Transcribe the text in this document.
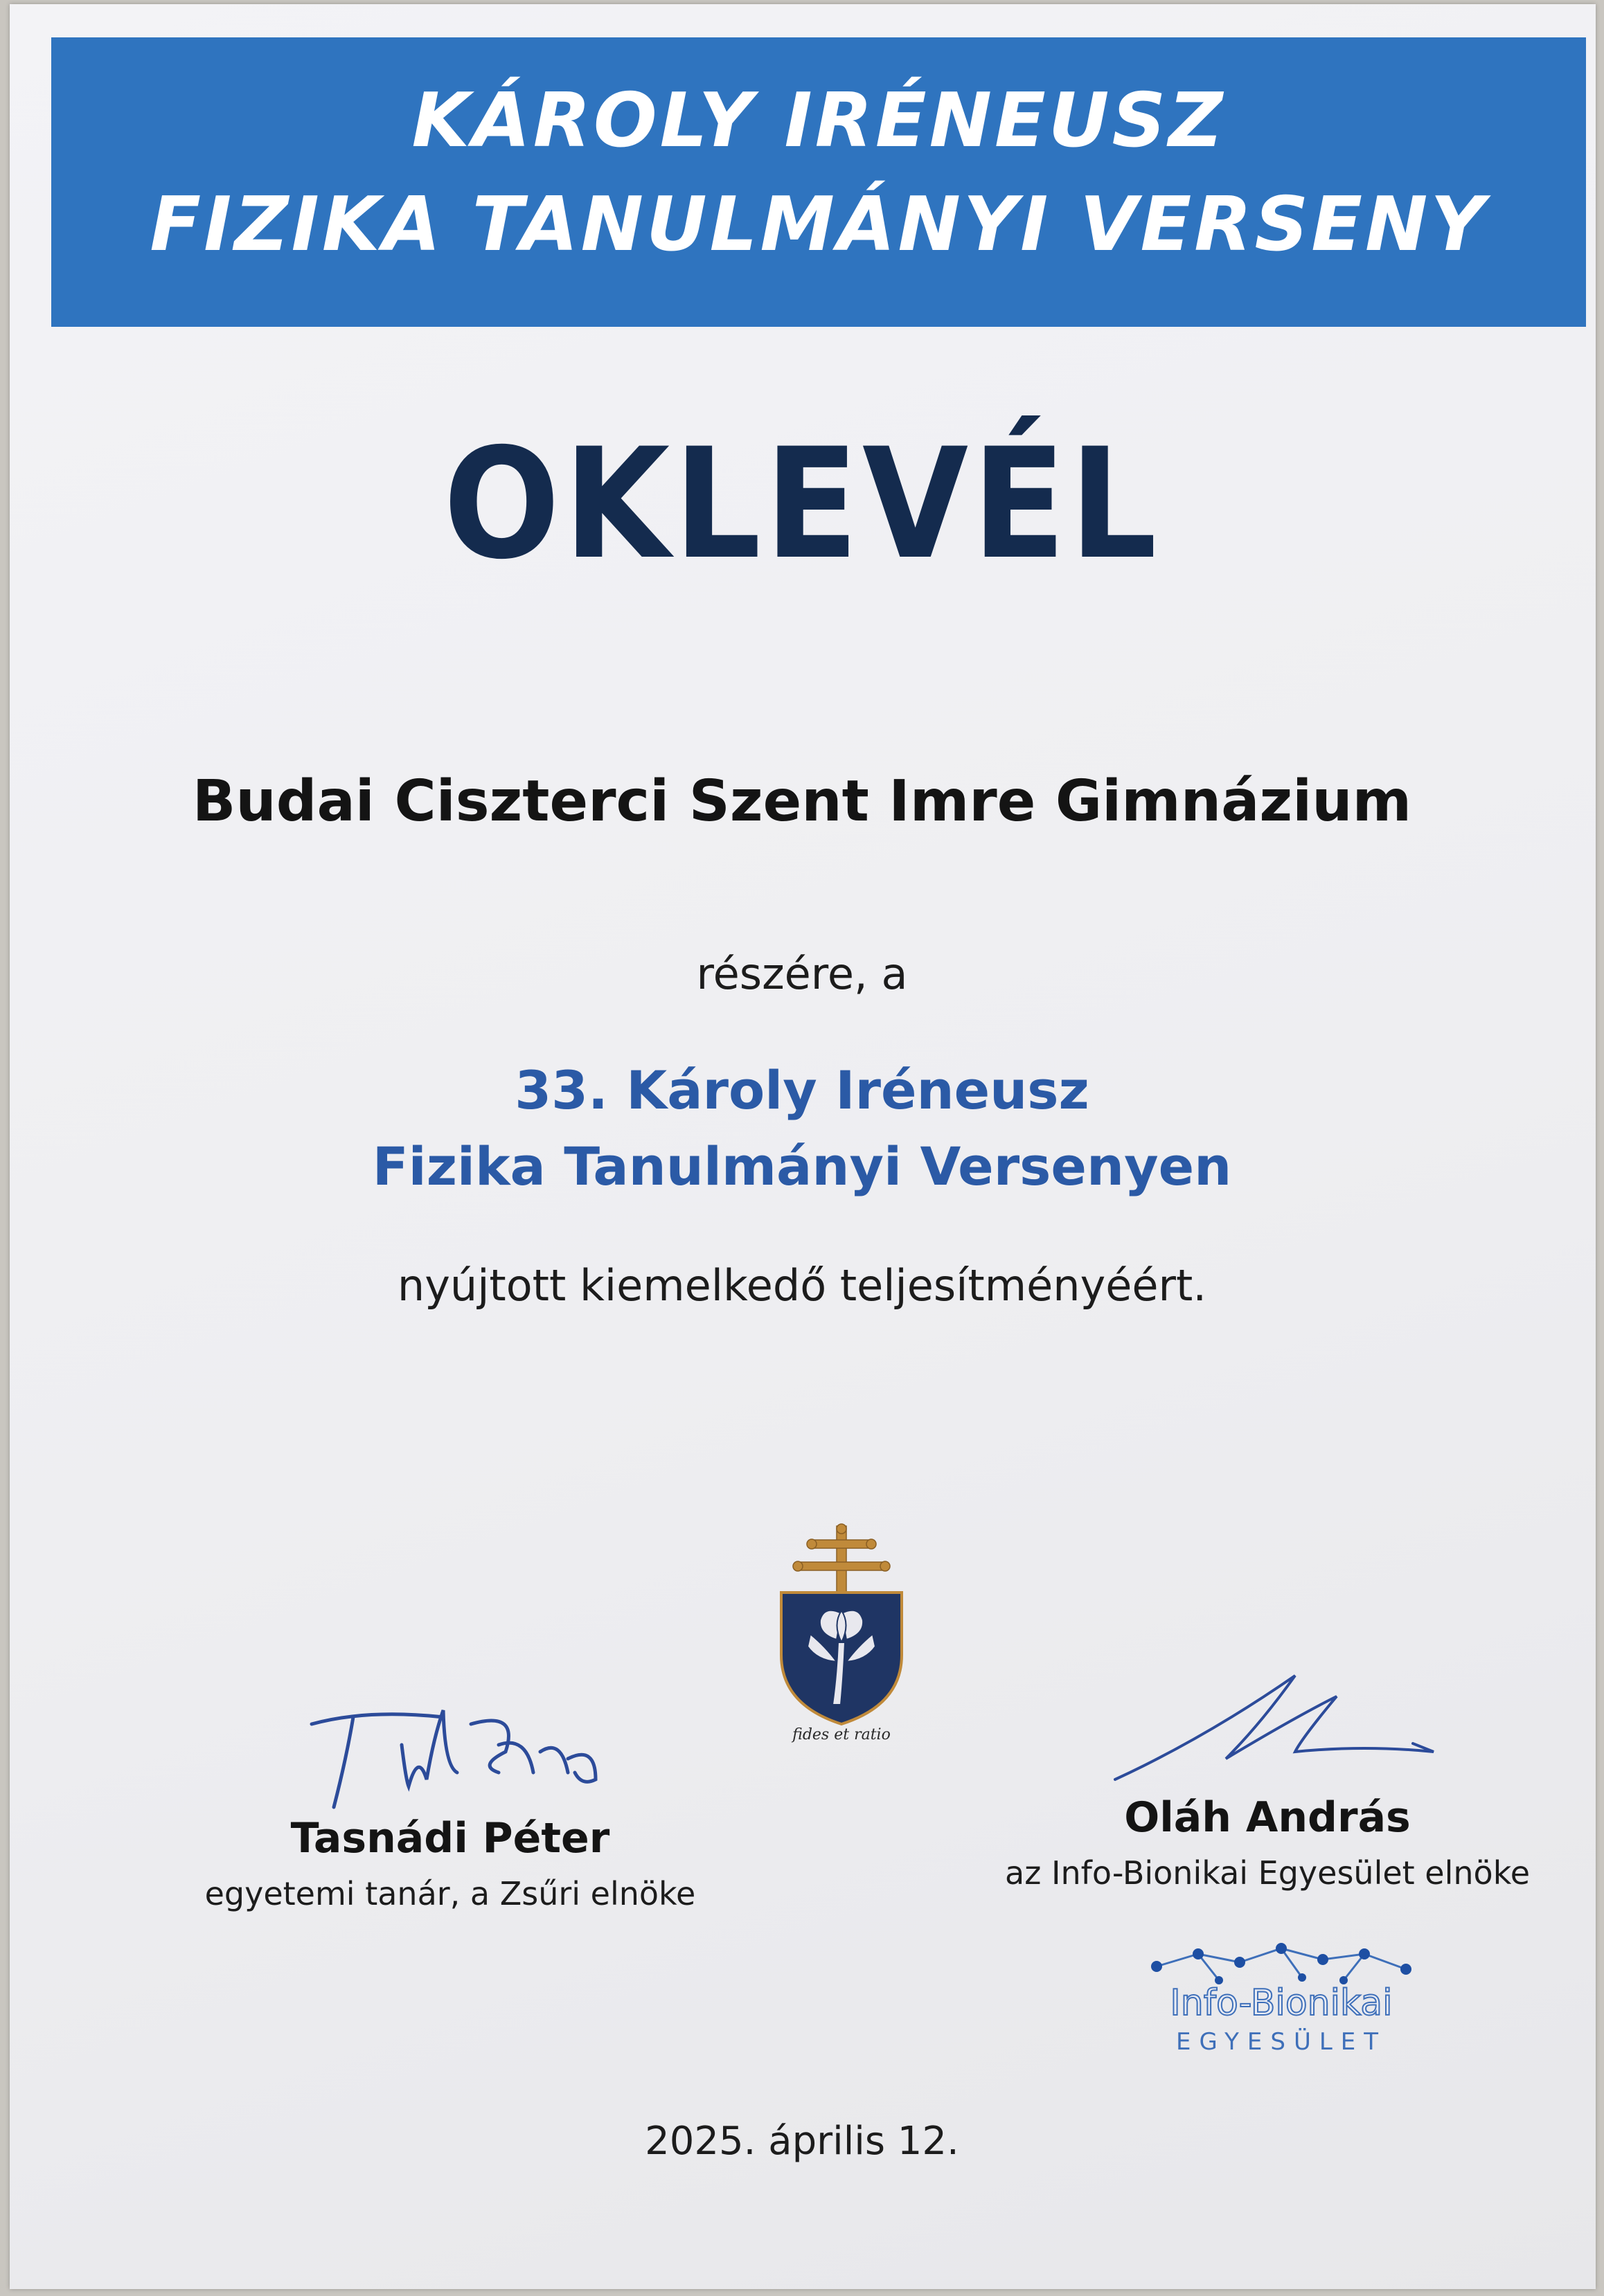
KÁROLY IRÉNEUSZ
FIZIKA TANULMÁNYI VERSENY
OKLEVÉL
Budai Ciszterci Szent Imre Gimnázium
részére, a
33. Károly Iréneusz
Fizika Tanulmányi Versenyen
nyújtott kiemelkedő teljesítményéért.
fides et ratio
Tasnádi Péter
egyetemi tanár, a Zsűri elnöke
Oláh András
az Info-Bionikai Egyesület elnöke
Info-Bionikai
EGYESÜLET
2025. április 12.
